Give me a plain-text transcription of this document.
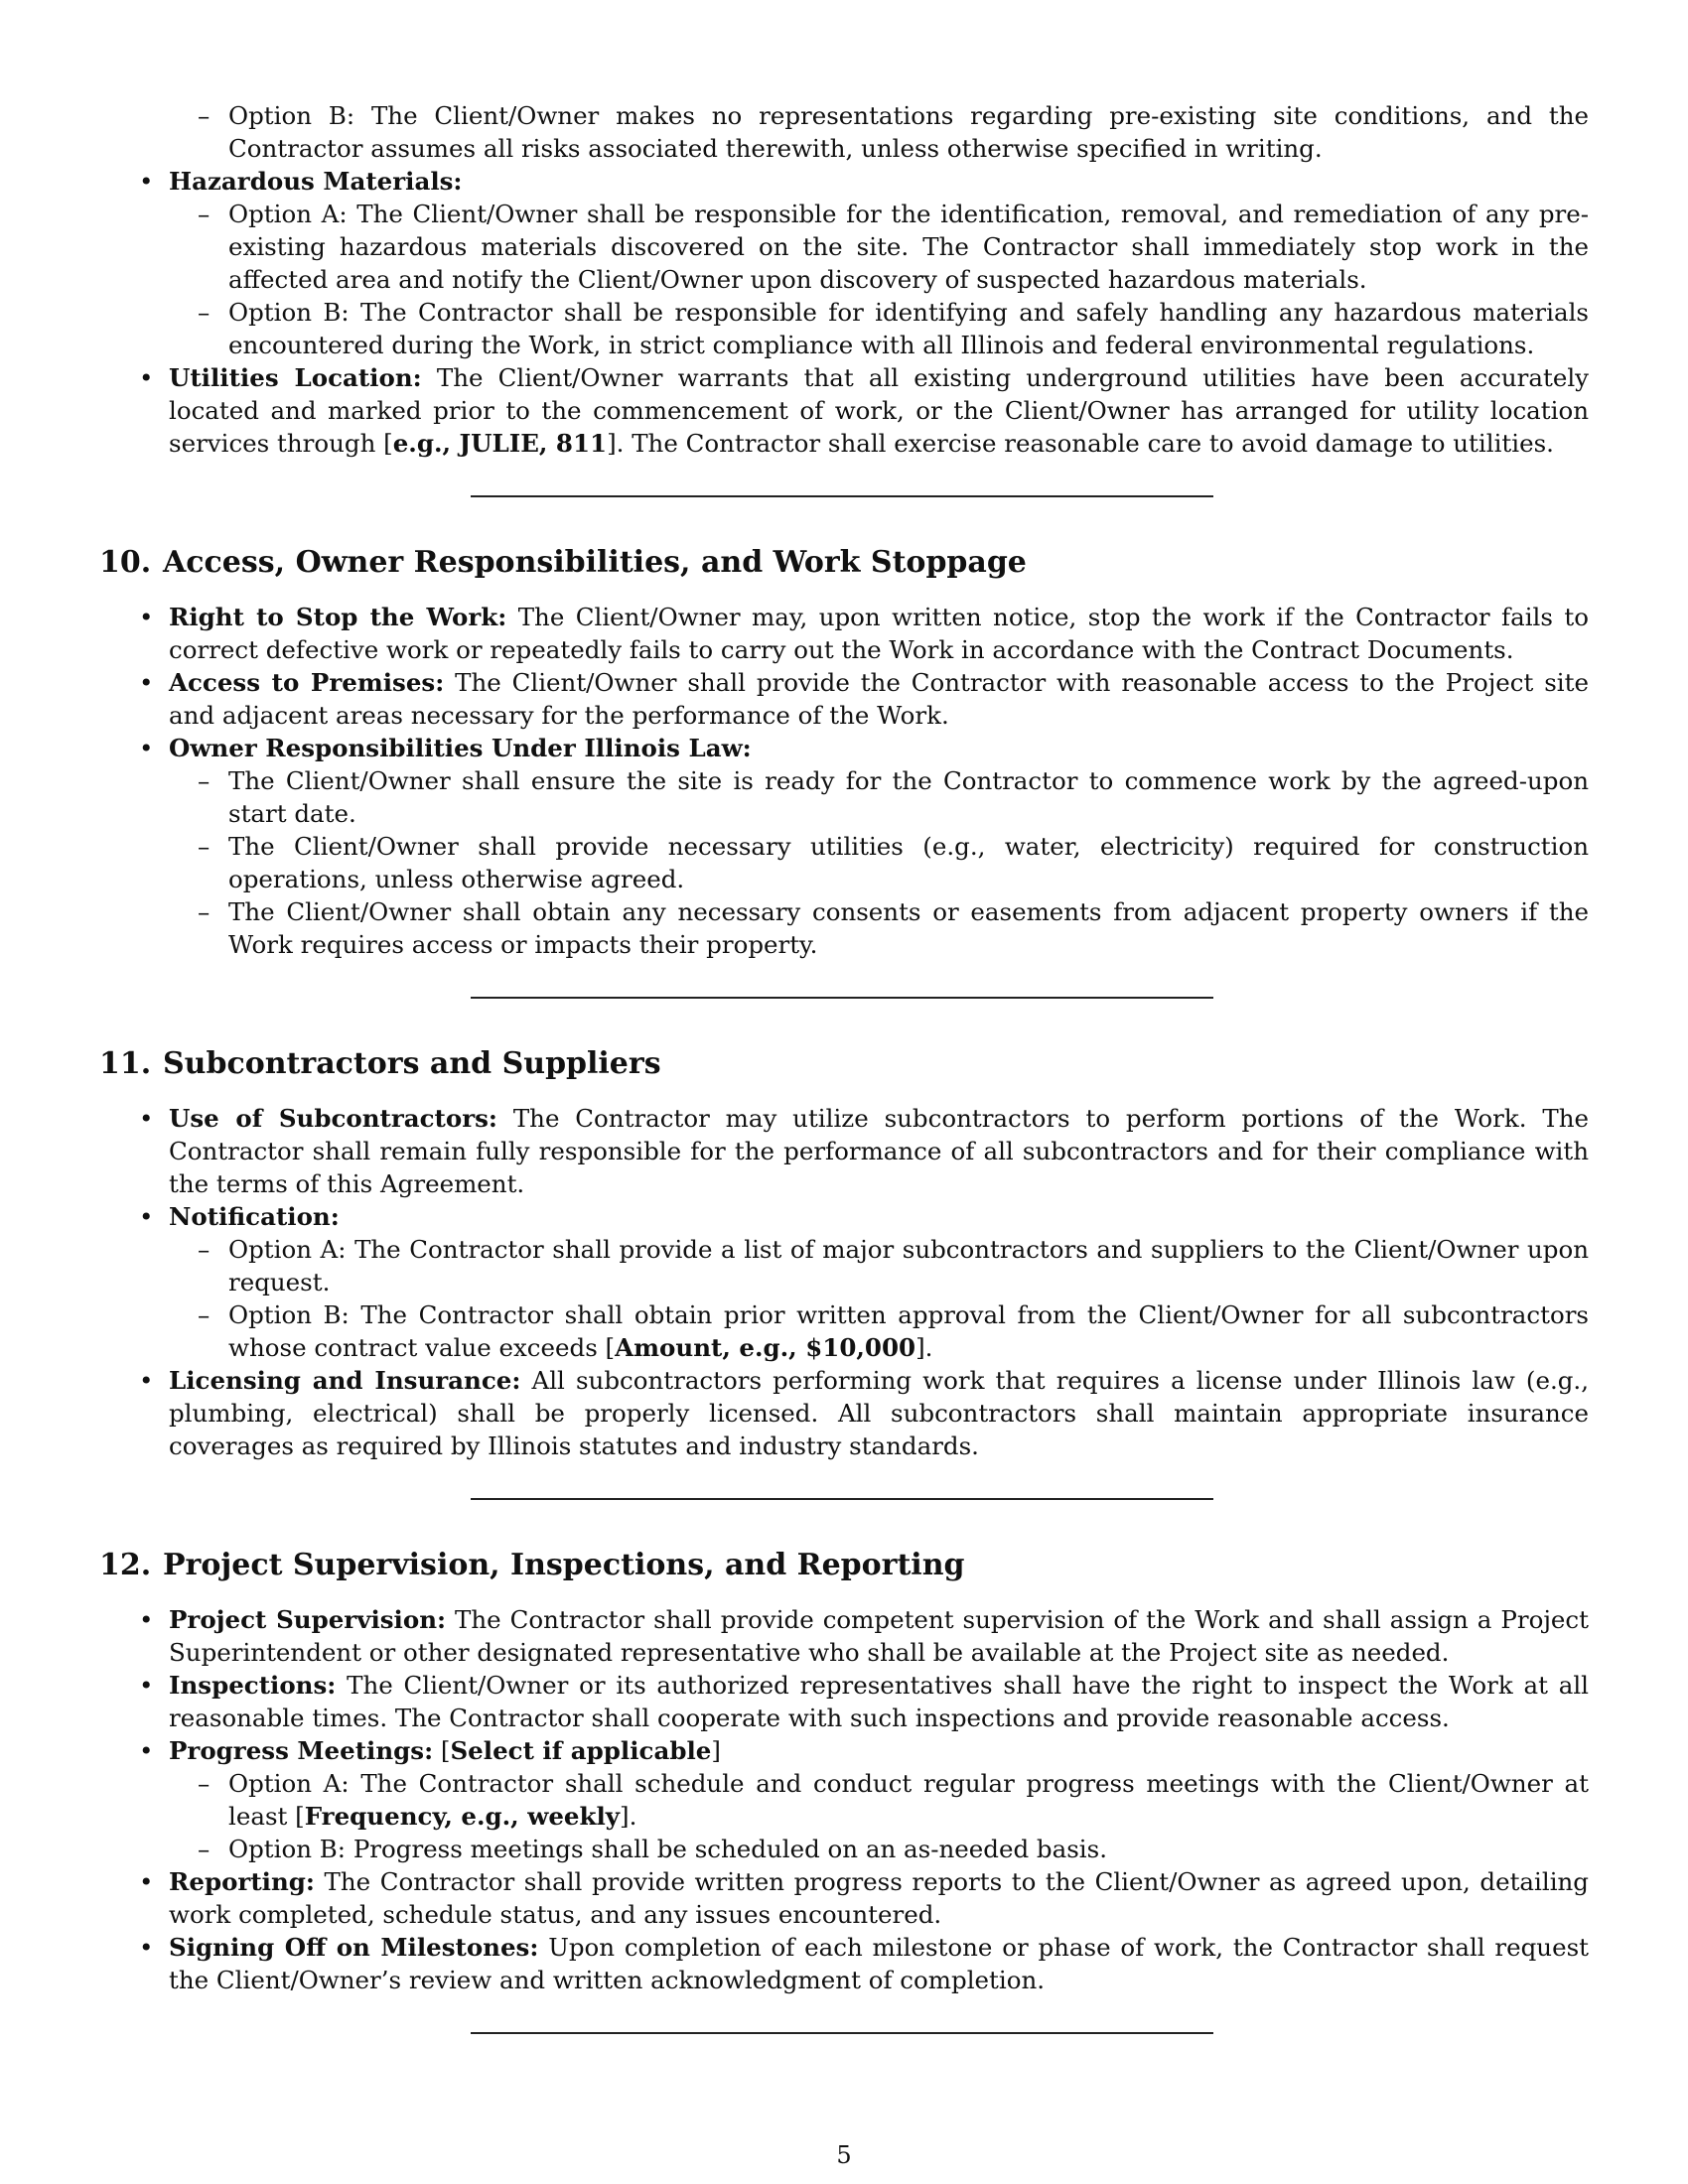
– Option B: The Client/Owner makes no representations regarding pre-existing site conditions, and the Contractor assumes all risks associated therewith, unless otherwise specified in writing.
• Hazardous Materials:
– Option A: The Client/Owner shall be responsible for the identification, removal, and remediation of any pre-existing hazardous materials discovered on the site. The Contractor shall immediately stop work in the affected area and notify the Client/Owner upon discovery of suspected hazardous materials.
– Option B: The Contractor shall be responsible for identifying and safely handling any hazardous materials encountered during the Work, in strict compliance with all Illinois and federal environmental regulations.
• Utilities Location: The Client/Owner warrants that all existing underground utilities have been accurately located and marked prior to the commencement of work, or the Client/Owner has arranged for utility location services through [e.g., JULIE, 811]. The Contractor shall exercise reasonable care to avoid damage to utilities.
10. Access, Owner Responsibilities, and Work Stoppage
• Right to Stop the Work: The Client/Owner may, upon written notice, stop the work if the Contractor fails to correct defective work or repeatedly fails to carry out the Work in accordance with the Contract Documents.
• Access to Premises: The Client/Owner shall provide the Contractor with reasonable access to the Project site and adjacent areas necessary for the performance of the Work.
• Owner Responsibilities Under Illinois Law:
– The Client/Owner shall ensure the site is ready for the Contractor to commence work by the agreed-upon start date.
– The Client/Owner shall provide necessary utilities (e.g., water, electricity) required for construction operations, unless otherwise agreed.
– The Client/Owner shall obtain any necessary consents or easements from adjacent property owners if the Work requires access or impacts their property.
11. Subcontractors and Suppliers
• Use of Subcontractors: The Contractor may utilize subcontractors to perform portions of the Work. The Contractor shall remain fully responsible for the performance of all subcontractors and for their compliance with the terms of this Agreement.
• Notification:
– Option A: The Contractor shall provide a list of major subcontractors and suppliers to the Client/Owner upon request.
– Option B: The Contractor shall obtain prior written approval from the Client/Owner for all subcontractors whose contract value exceeds [Amount, e.g., $10,000].
• Licensing and Insurance: All subcontractors performing work that requires a license under Illinois law (e.g., plumbing, electrical) shall be properly licensed. All subcontractors shall maintain appropriate insurance coverages as required by Illinois statutes and industry standards.
12. Project Supervision, Inspections, and Reporting
• Project Supervision: The Contractor shall provide competent supervision of the Work and shall assign a Project Superintendent or other designated representative who shall be available at the Project site as needed.
• Inspections: The Client/Owner or its authorized representatives shall have the right to inspect the Work at all reasonable times. The Contractor shall cooperate with such inspections and provide reasonable access.
• Progress Meetings: [Select if applicable]
– Option A: The Contractor shall schedule and conduct regular progress meetings with the Client/Owner at least [Frequency, e.g., weekly].
– Option B: Progress meetings shall be scheduled on an as-needed basis.
• Reporting: The Contractor shall provide written progress reports to the Client/Owner as agreed upon, detailing work completed, schedule status, and any issues encountered.
• Signing Off on Milestones: Upon completion of each milestone or phase of work, the Contractor shall request the Client/Owner’s review and written acknowledgment of completion.
5
